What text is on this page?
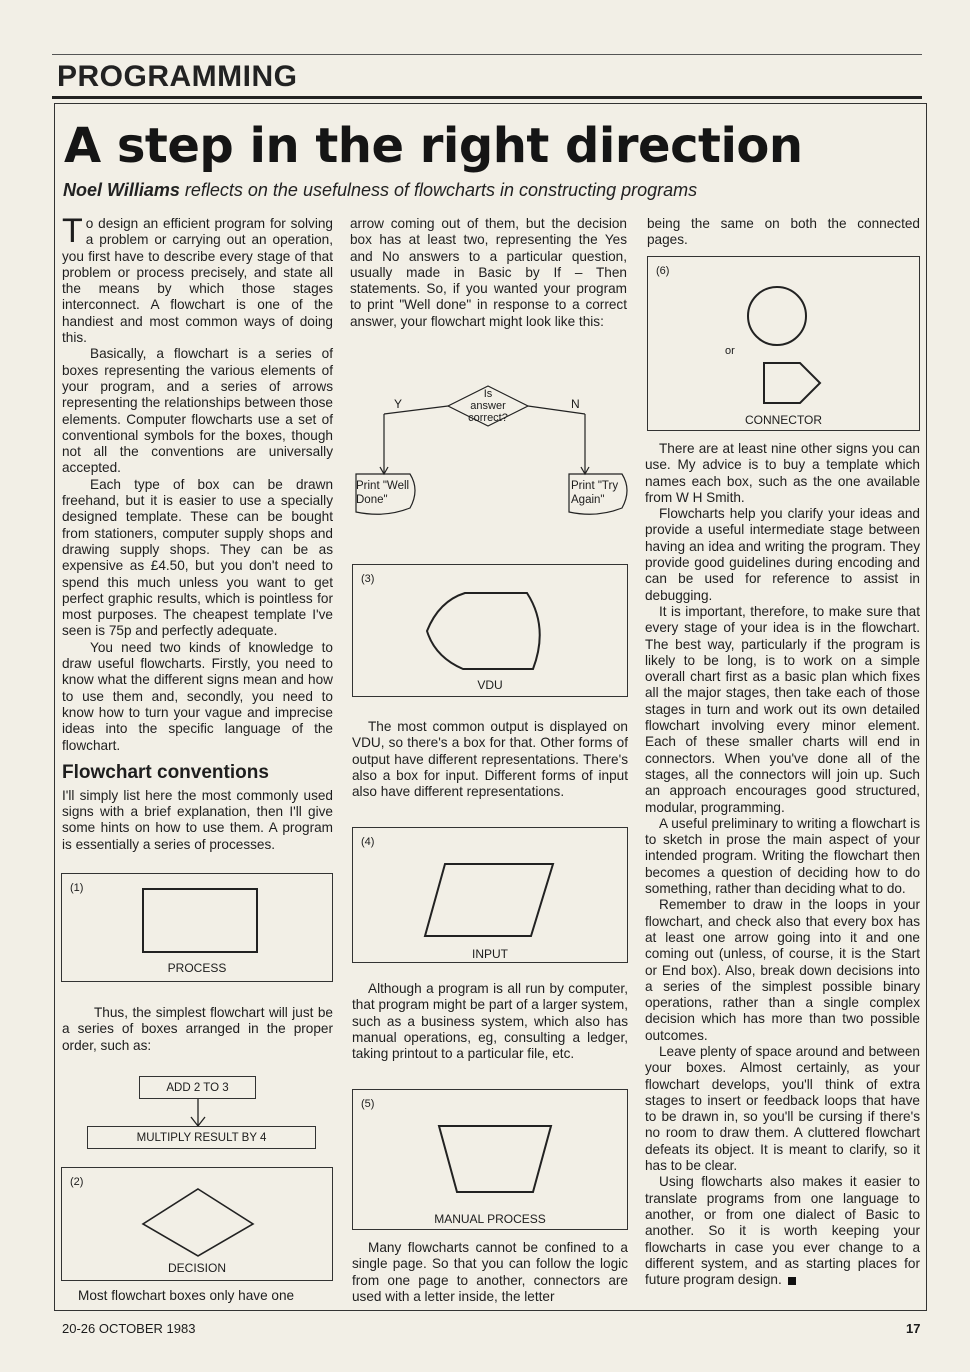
PROGRAMMING
A step in the right direction
Noel Williams reflects on the usefulness of flowcharts in constructing programs

To design an efficient program for solving a problem or carrying out an operation, you first have to describe every stage of that problem or process precisely, and state all the means by which those stages interconnect. A flowchart is one of the handiest and most common ways of doing this.

Basically, a flowchart is a series of boxes representing the various elements of your program, and a series of arrows representing the relationships between those elements. Computer flowcharts use a set of conventional symbols for the boxes, though not all the conventions are universally accepted.

Each type of box can be drawn freehand, but it is easier to use a specially designed template. These can be bought from stationers, computer supply shops and drawing supply shops. They can be as expensive as £4.50, but you don't need to spend this much unless you want to get perfect graphic results, which is pointless for most purposes. The cheapest template I've seen is 75p and perfectly adequate.

You need two kinds of knowledge to draw useful flowcharts. Firstly, you need to know what the different signs mean and how to use them and, secondly, you need to know how to turn your vague and imprecise ideas into the specific language of the flowchart.

Flowchart conventions

I'll simply list here the most commonly used signs with a brief explanation, then I'll give some hints on how to use them. A program is essentially a series of processes.

(1)
PROCESS

Thus, the simplest flowchart will just be a series of boxes arranged in the proper order, such as:

ADD 2 TO 3
MULTIPLY RESULT BY 4
(2)
DECISION

Most flowchart boxes only have one

arrow coming out of them, but the decision box has at least two, representing the Yes and No answers to a particular question, usually made in Basic by If – Then statements. So, if you wanted your program to print "Well done" in response to a correct answer, your flowchart might look like this:

Is
answer
correct?
Y	N
Print "Well
Done"
Print "Try
Again"
(3)
VDU

The most common output is displayed on VDU, so there's a box for that. Other forms of output have different representations. There's also a box for input. Different forms of input also have different representations.

(4)
INPUT

Although a program is all run by computer, that program might be part of a larger system, such as a business system, which also has manual operations, eg, consulting a ledger, taking printout to a particular file, etc.

(5)
MANUAL PROCESS

Many flowcharts cannot be confined to a single page. So that you can follow the logic from one page to another, connectors are used with a letter inside, the letter

being the same on both the connected pages.

(6)
or
CONNECTOR

There are at least nine other signs you can use. My advice is to buy a template which names each box, such as the one available from W H Smith.

Flowcharts help you clarify your ideas and provide a useful intermediate stage between having an idea and writing the program. They provide good guidelines during encoding and can be used for reference to assist in debugging.

It is important, therefore, to make sure that every stage of your idea is in the flowchart. The best way, particularly if the program is likely to be long, is to work on a simple overall chart first as a basic plan which fixes all the major stages, then take each of those stages in turn and work out its own detailed flowchart involving every minor element. Each of these smaller charts will end in connectors. When you've done all of the stages, all the connectors will join up. Such an approach encourages good structured, modular, programming.

A useful preliminary to writing a flowchart is to sketch in prose the main aspect of your intended program. Writing the flowchart then becomes a question of deciding how to do something, rather than deciding what to do.

Remember to draw in the loops in your flowchart, and check also that every box has at least one arrow going into it and one coming out (unless, of course, it is the Start or End box). Also, break down decisions into a series of the simplest possible binary operations, rather than a single complex decision which has more than two possible outcomes.

Leave plenty of space around and between your boxes. Almost certainly, as your flowchart develops, you'll think of extra stages to insert or feedback loops that have to be drawn in, so you'll be cursing if there's no room to draw them. A cluttered flowchart defeats its object. It is meant to clarify, so it has to be clear.

Using flowcharts also makes it easier to translate programs from one language to another, or from one dialect of Basic to another. So it is worth keeping your flowcharts in case you ever change to a different system, and as starting places for future program design.

20-26 OCTOBER 1983	17
